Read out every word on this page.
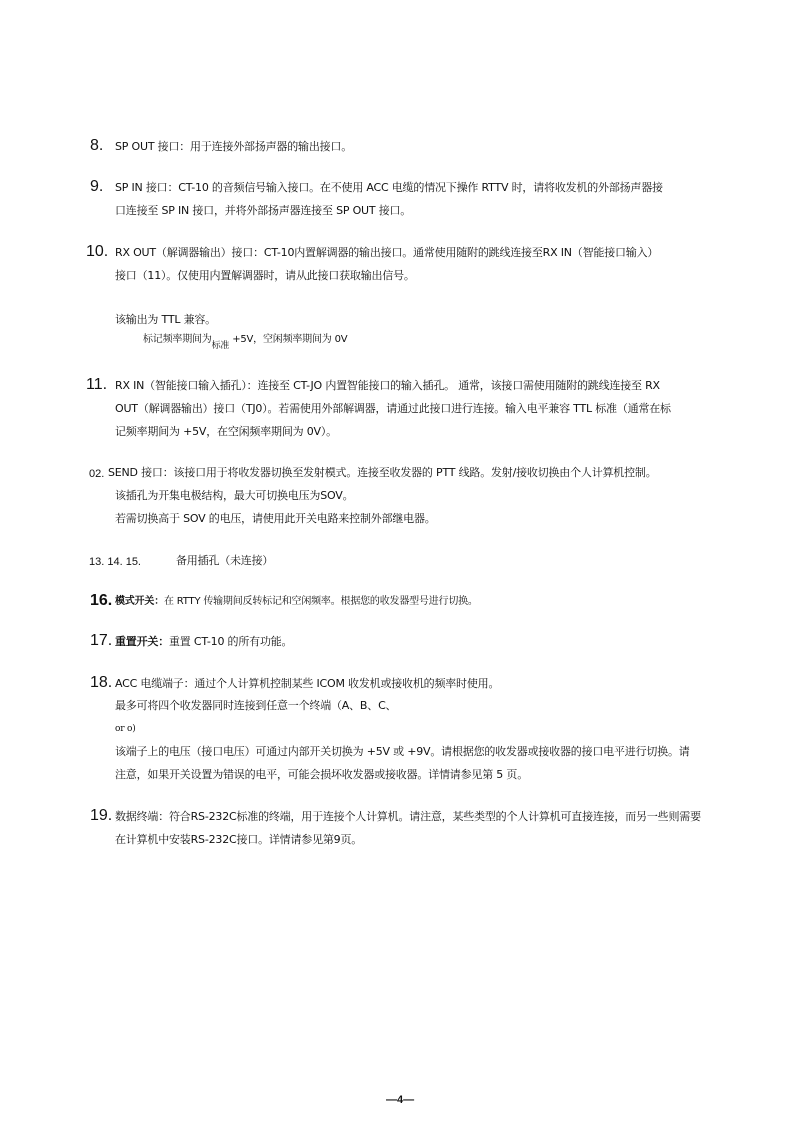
8. SP OUT 接口：用于连接外部扬声器的输出接口。
9. SP IN 接口：CT-10 的音频信号输入接口。在不使用 ACC 电缆的情况下操作 RTTV 时，请将收发机的外部扬声器接
口连接至 SP IN 接口，并将外部扬声器连接至 SP OUT 接口。
10. RX OUT（解调器输出）接口：CT-10内置解调器的输出接口。通常使用随附的跳线连接至RX IN（智能接口输入）
接口（11）。仅使用内置解调器时，请从此接口获取输出信号。
该输出为 TTL 兼容。
标记频率期间为标准 +5V，空闲频率期间为 0V
11. RX IN（智能接口输入插孔）：连接至 CT-JO 内置智能接口的输入插孔。 通常，该接口需使用随附的跳线连接至 RX
OUT（解调器输出）接口（TJ0）。若需使用外部解调器，请通过此接口进行连接。输入电平兼容 TTL 标准（通常在标
记频率期间为 +5V，在空闲频率期间为 0V）。
02. SEND 接口：该接口用于将收发器切换至发射模式。连接至收发器的 PTT 线路。发射/接收切换由个人计算机控制。
该插孔为开集电极结构，最大可切换电压为SOV。
若需切换高于 SOV 的电压，请使用此开关电路来控制外部继电器。
13. 14. 15.	备用插孔（未连接）
16. 模式开关：在 RTTY 传输期间反转标记和空闲频率。根据您的收发器型号进行切换。
17. 重置开关：重置 CT-10 的所有功能。
18. ACC 电缆端子：通过个人计算机控制某些 ICOM 收发机或接收机的频率时使用。
最多可将四个收发器同时连接到任意一个终端（A、B、C、
or o)
该端子上的电压（接口电压）可通过内部开关切换为 +5V 或 +9V。请根据您的收发器或接收器的接口电平进行切换。请
注意，如果开关设置为错误的电平，可能会损坏收发器或接收器。详情请参见第 5 页。
19. 数据终端：符合RS-232C标准的终端，用于连接个人计算机。请注意，某些类型的个人计算机可直接连接，而另一些则需要
在计算机中安装RS-232C接口。详情请参见第9页。
—4—
